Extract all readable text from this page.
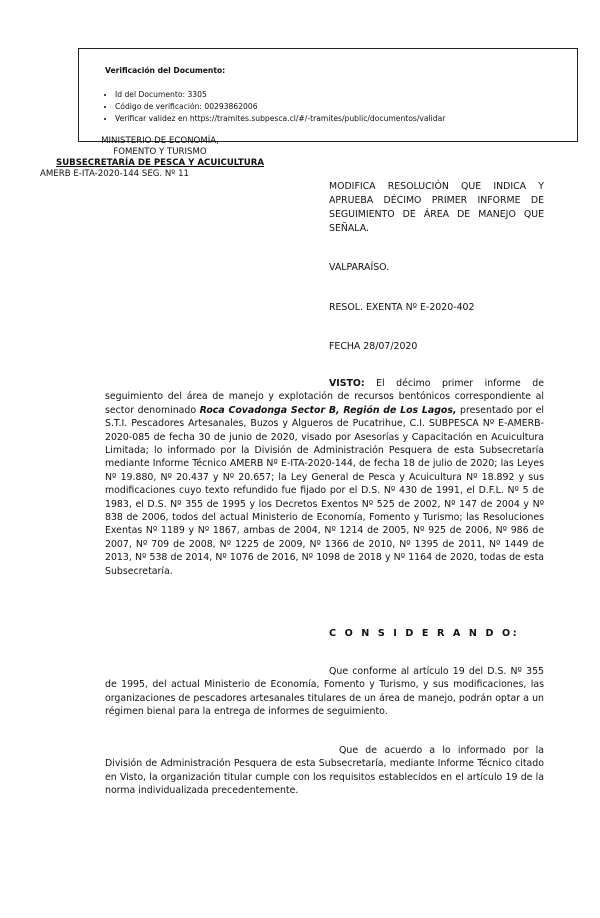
Verificación del Documento:
• Id del Documento: 3305
• Código de verificación: 00293862006
• Verificar validez en https://tramites.subpesca.cl/#/-tramites/public/documentos/validar
MINISTERIO DE ECONOMÍA,
FOMENTO Y TURISMO
SUBSECRETARÍA DE PESCA Y ACUICULTURA
AMERB E-ITA-2020-144 SEG. Nº 11
MODIFICA RESOLUCIÓN QUE INDICA Y APRUEBA DÉCIMO PRIMER INFORME DE SEGUIMIENTO DE ÁREA DE MANEJO QUE SEÑALA.
VALPARAÍSO.
RESOL. EXENTA Nº E-2020-402
FECHA 28/07/2020
VISTO: El décimo primer informe de seguimiento del área de manejo y explotación de recursos bentónicos correspondiente al sector denominado Roca Covadonga Sector B, Región de Los Lagos, presentado por el S.T.I. Pescadores Artesanales, Buzos y Algueros de Pucatrihue, C.I. SUBPESCA Nº E-AMERB-2020-085 de fecha 30 de junio de 2020, visado por Asesorías y Capacitación en Acuicultura Limitada; lo informado por la División de Administración Pesquera de esta Subsecretaría mediante Informe Técnico AMERB Nº E-ITA-2020-144, de fecha 18 de julio de 2020; las Leyes Nº 19.880, Nº 20.437 y Nº 20.657; la Ley General de Pesca y Acuicultura Nº 18.892 y sus modificaciones cuyo texto refundido fue fijado por el D.S. Nº 430 de 1991, el D.F.L. Nº 5 de 1983, el D.S. Nº 355 de 1995 y los Decretos Exentos Nº 525 de 2002, Nº 147 de 2004 y Nº 838 de 2006, todos del actual Ministerio de Economía, Fomento y Turismo; las Resoluciones Exentas Nº 1189 y Nº 1867, ambas de 2004, Nº 1214 de 2005, Nº 925 de 2006, Nº 986 de 2007, Nº 709 de 2008, Nº 1225 de 2009, Nº 1366 de 2010, Nº 1395 de 2011, Nº 1449 de 2013, Nº 538 de 2014, Nº 1076 de 2016, Nº 1098 de 2018 y Nº 1164 de 2020, todas de esta Subsecretaría.
C O N S I D E R A N D O:
Que conforme al artículo 19 del D.S. Nº 355 de 1995, del actual Ministerio de Economía, Fomento y Turismo, y sus modificaciones, las organizaciones de pescadores artesanales titulares de un área de manejo, podrán optar a un régimen bienal para la entrega de informes de seguimiento.
Que de acuerdo a lo informado por la División de Administración Pesquera de esta Subsecretaría, mediante Informe Técnico citado en Visto, la organización titular cumple con los requisitos establecidos en el artículo 19 de la norma individualizada precedentemente.
